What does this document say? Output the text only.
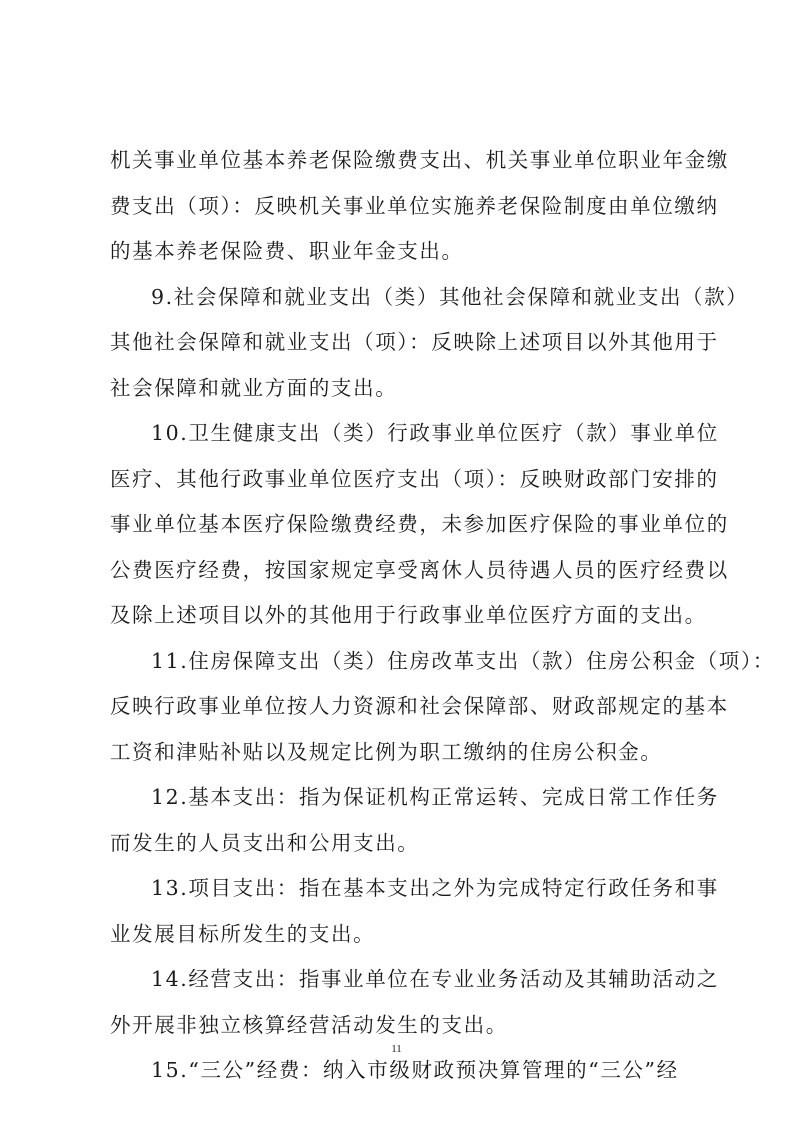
机关事业单位基本养老保险缴费支出、机关事业单位职业年金缴
费支出（项）：反映机关事业单位实施养老保险制度由单位缴纳
的基本养老保险费、职业年金支出。
9.社会保障和就业支出（类）其他社会保障和就业支出（款）
其他社会保障和就业支出（项）：反映除上述项目以外其他用于
社会保障和就业方面的支出。
10.卫生健康支出（类）行政事业单位医疗（款）事业单位
医疗、其他行政事业单位医疗支出（项）：反映财政部门安排的
事业单位基本医疗保险缴费经费，未参加医疗保险的事业单位的
公费医疗经费，按国家规定享受离休人员待遇人员的医疗经费以
及除上述项目以外的其他用于行政事业单位医疗方面的支出。
11.住房保障支出（类）住房改革支出（款）住房公积金（项）：
反映行政事业单位按人力资源和社会保障部、财政部规定的基本
工资和津贴补贴以及规定比例为职工缴纳的住房公积金。
12.基本支出：指为保证机构正常运转、完成日常工作任务
而发生的人员支出和公用支出。
13.项目支出：指在基本支出之外为完成特定行政任务和事
业发展目标所发生的支出。
14.经营支出：指事业单位在专业业务活动及其辅助活动之
外开展非独立核算经营活动发生的支出。
15.“三公”经费：纳入市级财政预决算管理的“三公”经
11
